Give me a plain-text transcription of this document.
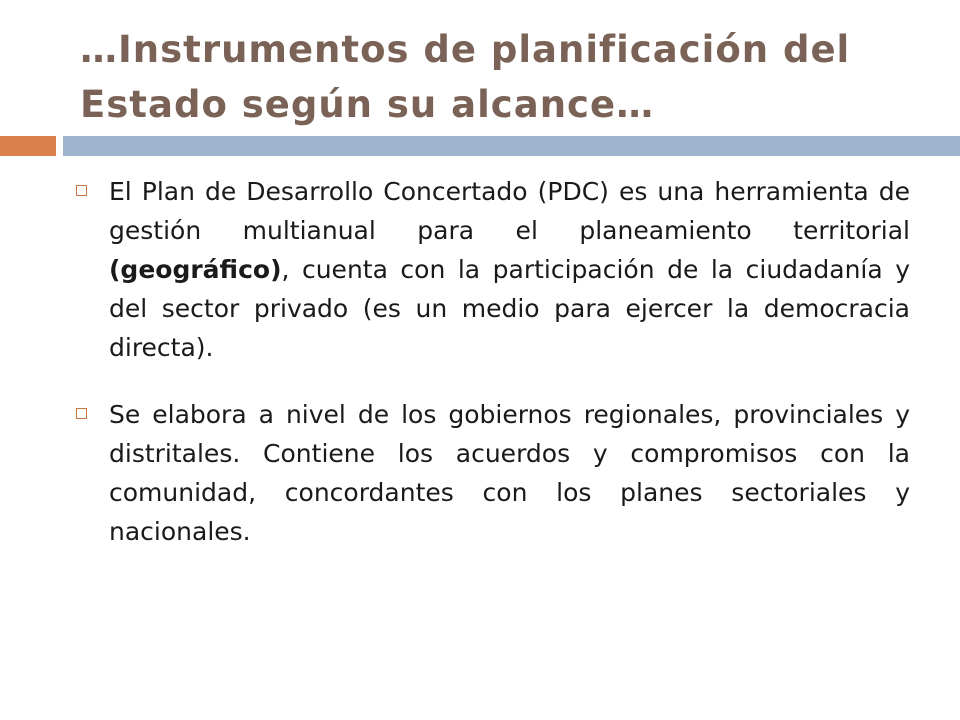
…Instrumentos de planificación del Estado según su alcance…
El Plan de Desarrollo Concertado (PDC) es una herramienta de gestión multianual para el planeamiento territorial (geográfico), cuenta con la participación de la ciudadanía y del sector privado (es un medio para ejercer la democracia directa).
Se elabora a nivel de los gobiernos regionales, provinciales y distritales. Contiene los acuerdos y compromisos con la comunidad, concordantes con los planes sectoriales y nacionales.
